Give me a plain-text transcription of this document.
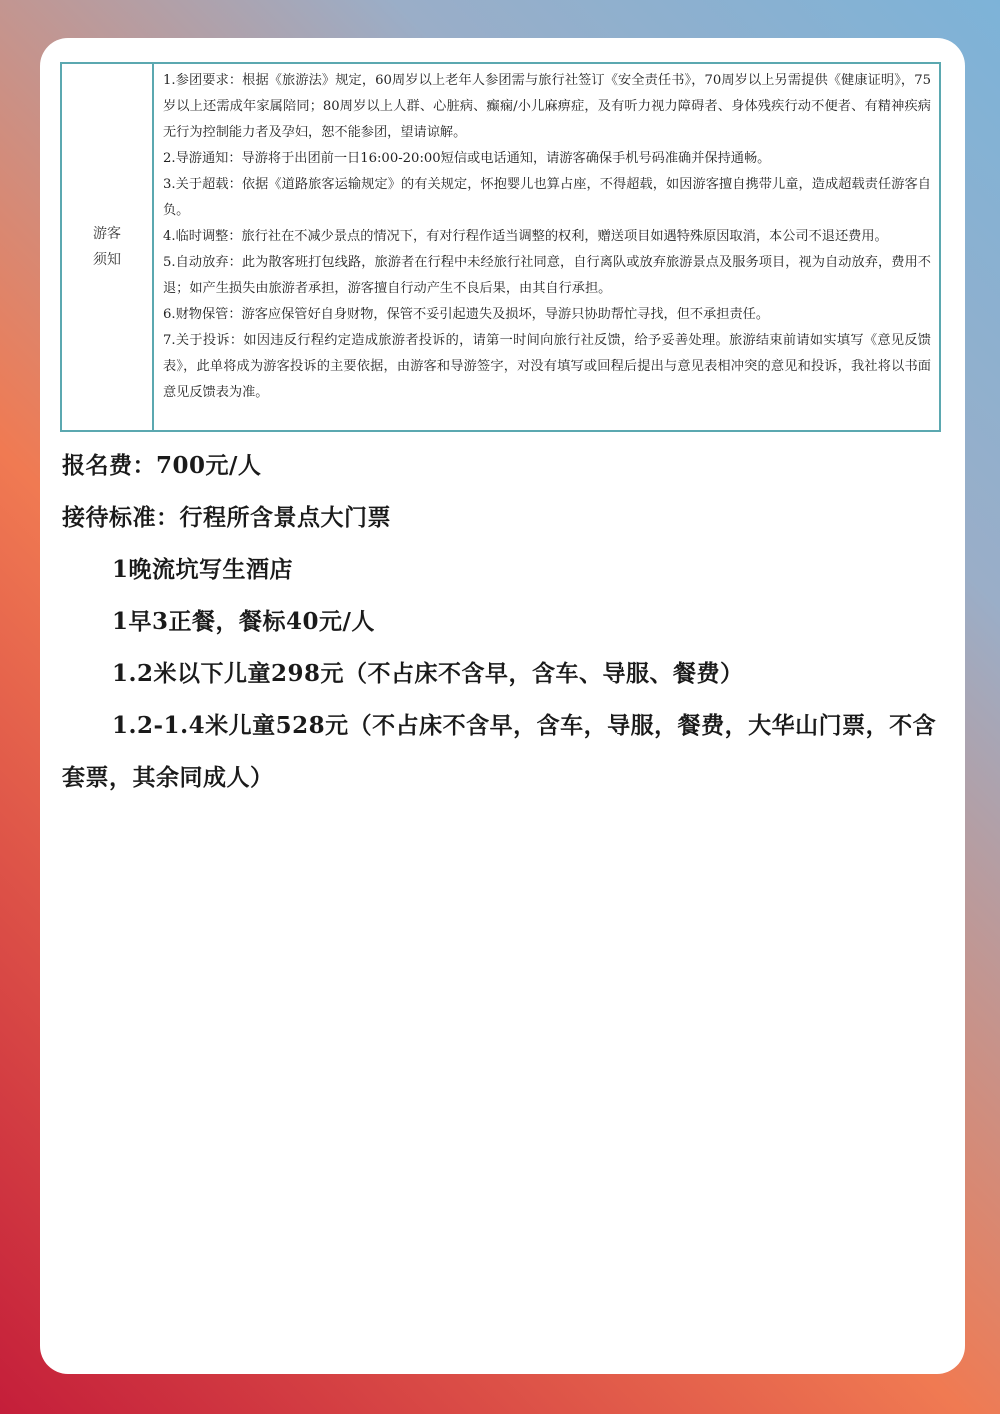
游客须知

1.参团要求：根据《旅游法》规定，60周岁以上老年人参团需与旅行社签订《安全责任书》，70周岁以上另需提供《健康证明》，75岁以上还需成年家属陪同；80周岁以上人群、心脏病、癫痫/小儿麻痹症，及有听力视力障碍者、身体残疾行动不便者、有精神疾病无行为控制能力者及孕妇，恕不能参团，望请谅解。

2.导游通知：导游将于出团前一日16:00-20:00短信或电话通知，请游客确保手机号码准确并保持通畅。

3.关于超载：依据《道路旅客运输规定》的有关规定，怀抱婴儿也算占座，不得超载，如因游客擅自携带儿童，造成超载责任游客自负。

4.临时调整：旅行社在不减少景点的情况下，有对行程作适当调整的权利，赠送项目如遇特殊原因取消，本公司不退还费用。

5.自动放弃：此为散客班打包线路，旅游者在行程中未经旅行社同意，自行离队或放弃旅游景点及服务项目，视为自动放弃，费用不退；如产生损失由旅游者承担，游客擅自行动产生不良后果，由其自行承担。

6.财物保管：游客应保管好自身财物，保管不妥引起遗失及损坏，导游只协助帮忙寻找，但不承担责任。

7.关于投诉：如因违反行程约定造成旅游者投诉的，请第一时间向旅行社反馈，给予妥善处理。旅游结束前请如实填写《意见反馈表》，此单将成为游客投诉的主要依据，由游客和导游签字，对没有填写或回程后提出与意见表相冲突的意见和投诉，我社将以书面意见反馈表为准。

报名费：700元/人

接待标准：行程所含景点大门票

1晚流坑写生酒店

1早3正餐，餐标40元/人

1.2米以下儿童298元（不占床不含早，含车、导服、餐费）

1.2-1.4米儿童528元（不占床不含早，含车，导服，餐费，大华山门票，不含套票，其余同成人）
